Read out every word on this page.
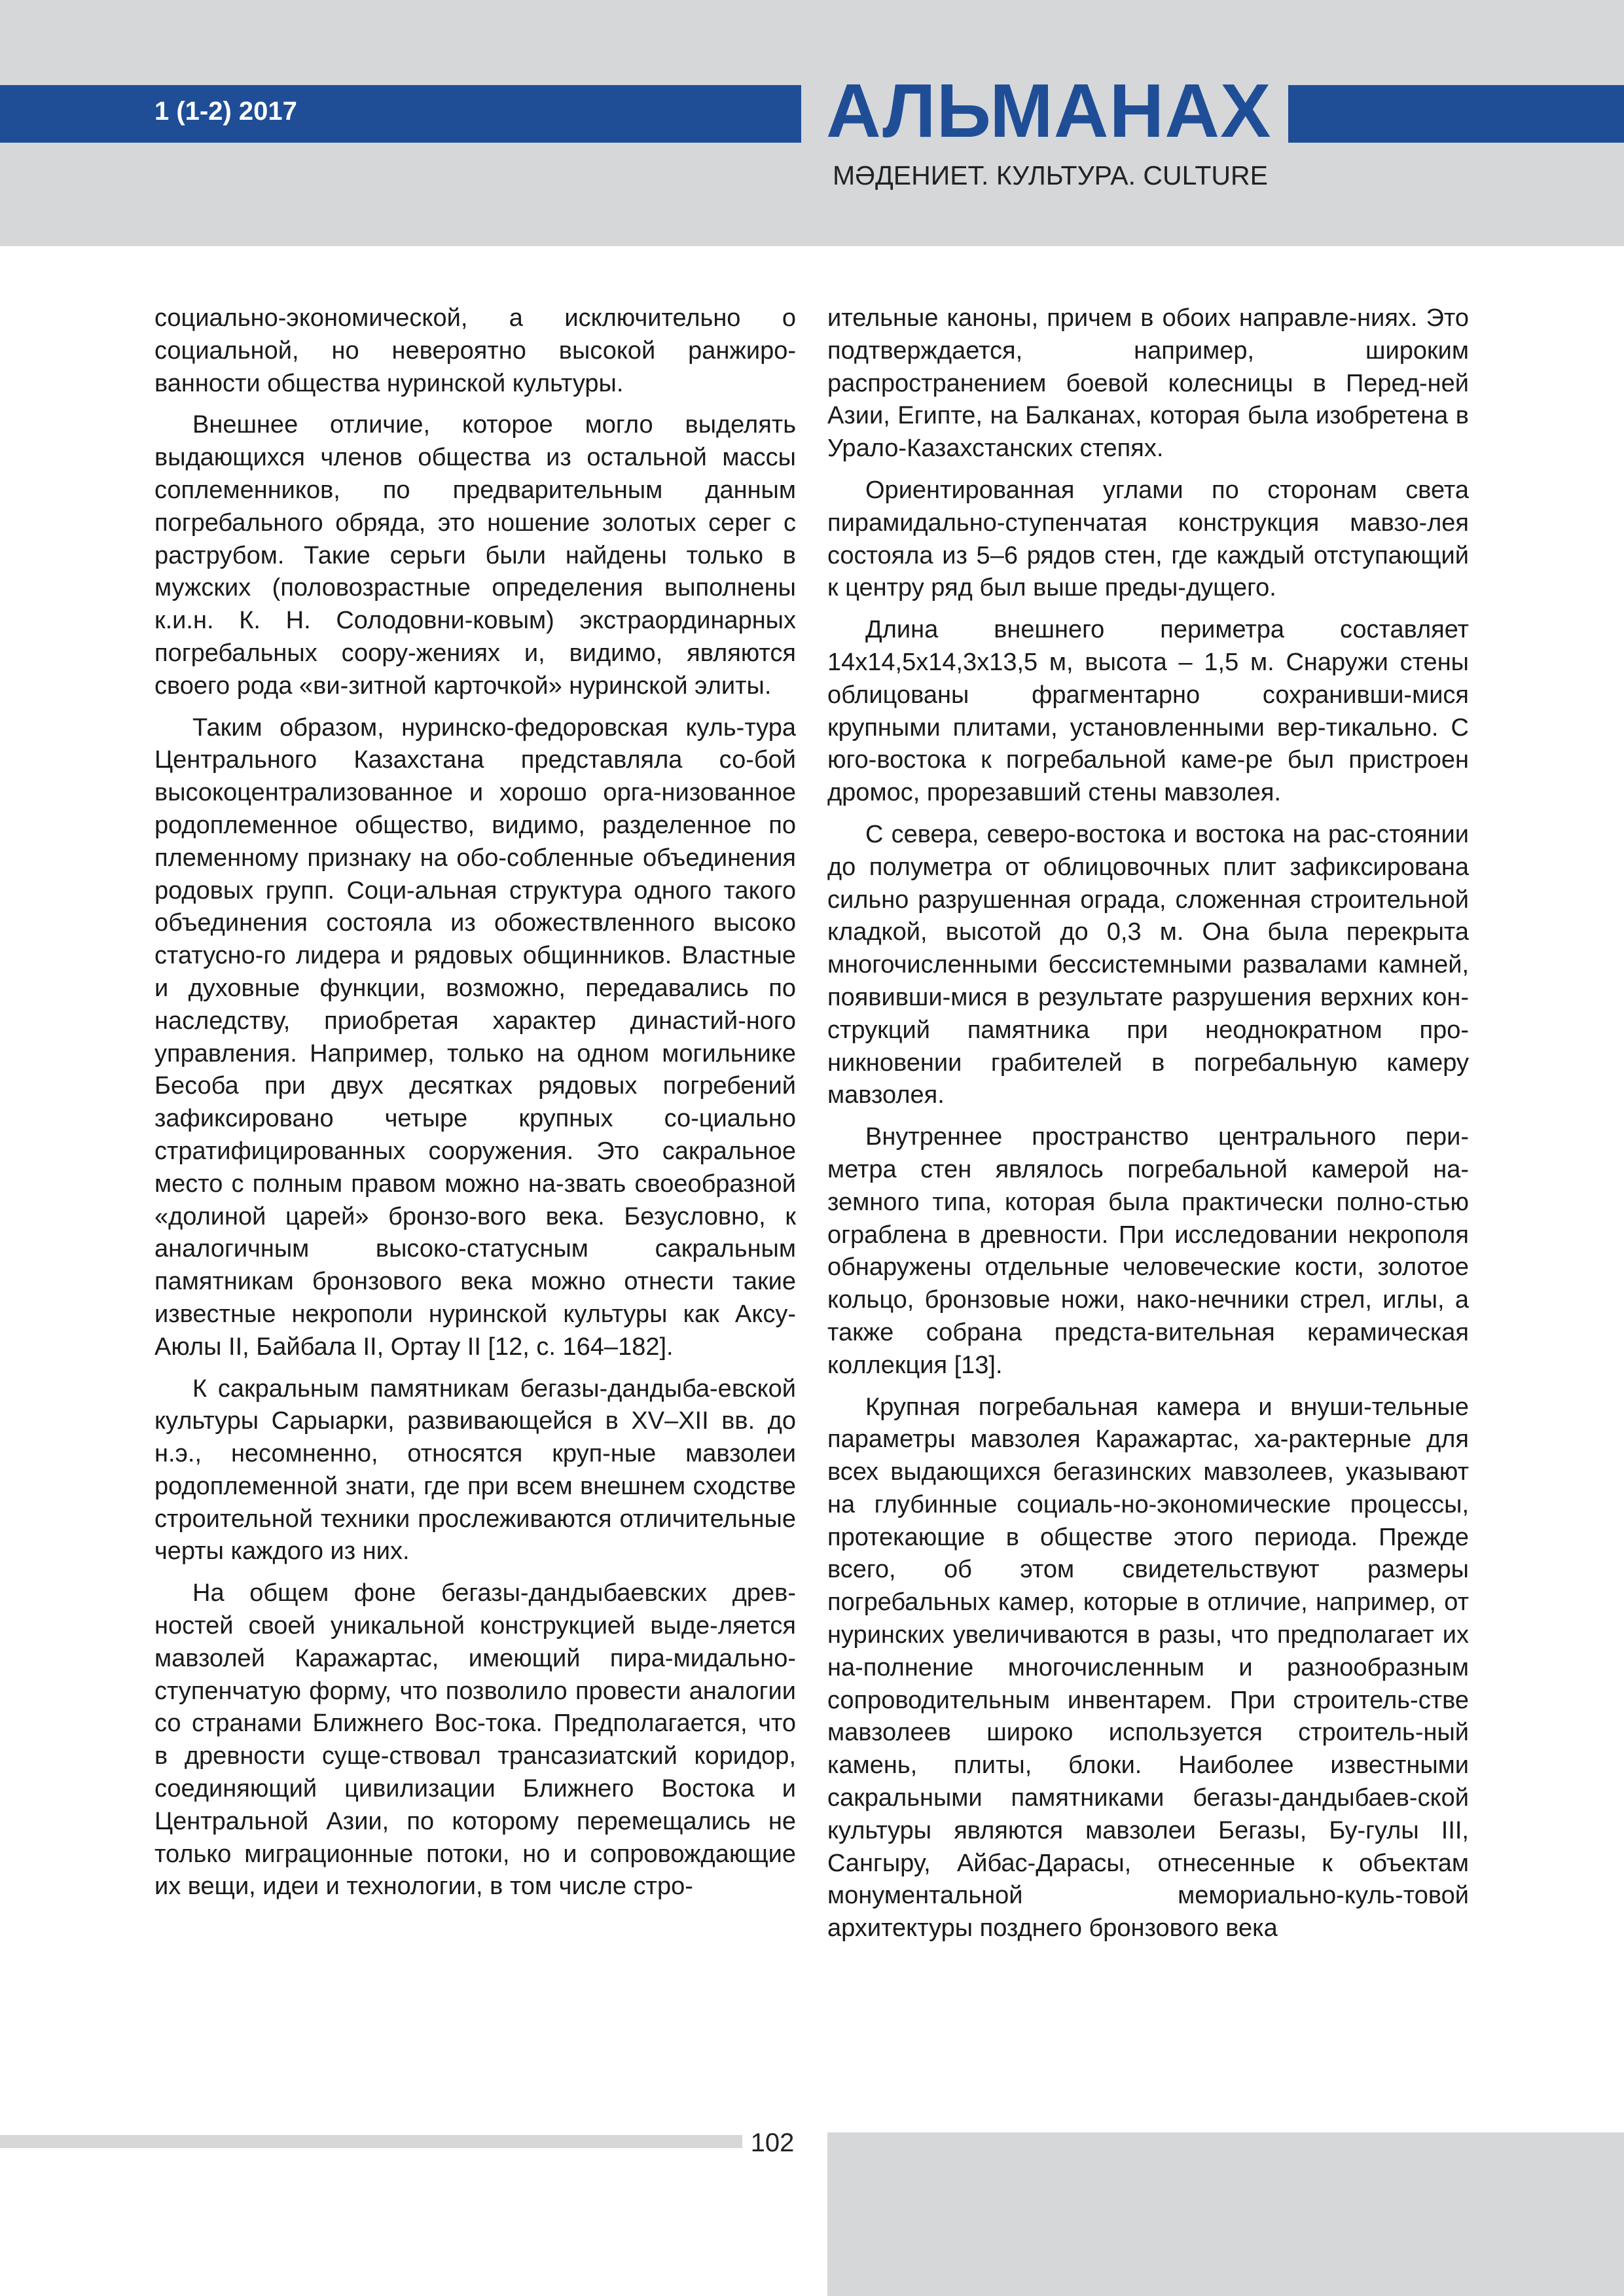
1 (1-2) 2017	АЛЬМАНАХ
МӘДЕНИЕТ. КУЛЬТУРА. CULTURE

социально-экономической, а исключительно о социальной, но невероятно высокой ранжиро-ванности общества нуринской культуры.

Внешнее отличие, которое могло выделять выдающихся членов общества из остальной массы соплеменников, по предварительным данным погребального обряда, это ношение золотых серег с раструбом. Такие серьги были найдены только в мужских (половозрастные определения выполнены к.и.н. К. Н. Солодовни-ковым) экстраординарных погребальных соору-жениях и, видимо, являются своего рода «ви-зитной карточкой» нуринской элиты.

Таким образом, нуринско-федоровская куль-тура Центрального Казахстана представляла со-бой высокоцентрализованное и хорошо орга-низованное родоплеменное общество, видимо, разделенное по племенному признаку на обо-собленные объединения родовых групп. Соци-альная структура одного такого объединения состояла из обожествленного высоко статусно-го лидера и рядовых общинников. Властные и духовные функции, возможно, передавались по наследству, приобретая характер династий-ного управления. Например, только на одном могильнике Бесоба при двух десятках рядовых погребений зафиксировано четыре крупных со-циально стратифицированных сооружения. Это сакральное место с полным правом можно на-звать своеобразной «долиной царей» бронзо-вого века. Безусловно, к аналогичным высоко-статусным сакральным памятникам бронзового века можно отнести такие известные некрополи нуринской культуры как Аксу-Аюлы II, Байбала II, Ортау II [12, с. 164–182].

К сакральным памятникам бегазы-дандыба-евской культуры Сарыарки, развивающейся в XV–XII вв. до н.э., несомненно, относятся круп-ные мавзолеи родоплеменной знати, где при всем внешнем сходстве строительной техники прослеживаются отличительные черты каждого из них.

На общем фоне бегазы-дандыбаевских древ-ностей своей уникальной конструкцией выде-ляется мавзолей Каражартас, имеющий пира-мидально-ступенчатую форму, что позволило провести аналогии со странами Ближнего Вос-тока. Предполагается, что в древности суще-ствовал трансазиатский коридор, соединяющий цивилизации Ближнего Востока и Центральной Азии, по которому перемещались не только миграционные потоки, но и сопровождающие их вещи, идеи и технологии, в том числе стро-

ительные каноны, причем в обоих направле-ниях. Это подтверждается, например, широким распространением боевой колесницы в Перед-ней Азии, Египте, на Балканах, которая была изобретена в Урало-Казахстанских степях.

Ориентированная углами по сторонам света пирамидально-ступенчатая конструкция мавзо-лея состояла из 5–6 рядов стен, где каждый отступающий к центру ряд был выше преды-дущего.

Длина внешнего периметра составляет 14х14,5х14,3х13,5 м, высота – 1,5 м. Снаружи стены облицованы фрагментарно сохранивши-мися крупными плитами, установленными вер-тикально. С юго-востока к погребальной каме-ре был пристроен дромос, прорезавший стены мавзолея.

С севера, северо-востока и востока на рас-стоянии до полуметра от облицовочных плит зафиксирована сильно разрушенная ограда, сложенная строительной кладкой, высотой до 0,3 м. Она была перекрыта многочисленными бессистемными развалами камней, появивши-мися в результате разрушения верхних кон-струкций памятника при неоднократном про-никновении грабителей в погребальную камеру мавзолея.

Внутреннее пространство центрального пери-метра стен являлось погребальной камерой на-земного типа, которая была практически полно-стью ограблена в древности. При исследовании некрополя обнаружены отдельные человеческие кости, золотое кольцо, бронзовые ножи, нако-нечники стрел, иглы, а также собрана предста-вительная керамическая коллекция [13].

Крупная погребальная камера и внуши-тельные параметры мавзолея Каражартас, ха-рактерные для всех выдающихся бегазинских мавзолеев, указывают на глубинные социаль-но-экономические процессы, протекающие в обществе этого периода. Прежде всего, об этом свидетельствуют размеры погребальных камер, которые в отличие, например, от нуринских увеличиваются в разы, что предполагает их на-полнение многочисленным и разнообразным сопроводительным инвентарем. При строитель-стве мавзолеев широко используется строитель-ный камень, плиты, блоки. Наиболее известными сакральными памятниками бегазы-дандыбаев-ской культуры являются мавзолеи Бегазы, Бу-гулы III, Сангыру, Айбас-Дарасы, отнесенные к объектам монументальной мемориально-куль-товой архитектуры позднего бронзового века

102
